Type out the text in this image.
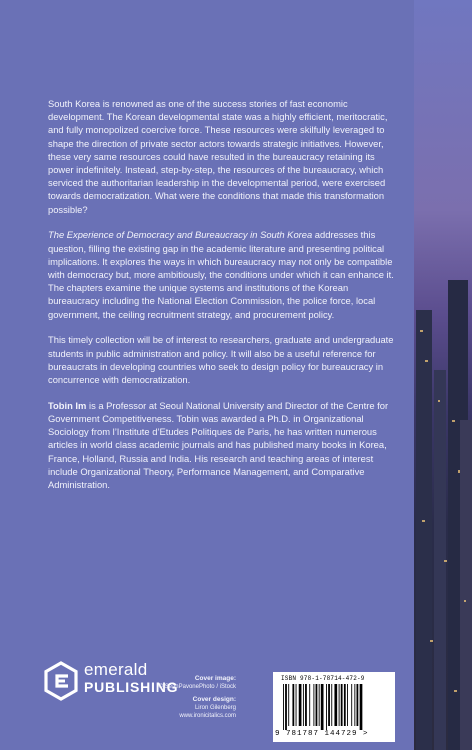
South Korea is renowned as one of the success stories of fast economic development. The Korean developmental state was a highly efficient, meritocratic, and fully monopolized coercive force. These resources were skilfully leveraged to shape the direction of private sector actors towards strategic initiatives. However, these very same resources could have resulted in the bureaucracy retaining its power indefinitely. Instead, step-by-step, the resources of the bureaucracy, which serviced the authoritarian leadership in the developmental period, were exercised towards democratization. What were the conditions that made this transformation possible?

The Experience of Democracy and Bureaucracy in South Korea addresses this question, filling the existing gap in the academic literature and presenting political implications. It explores the ways in which bureaucracy may not only be compatible with democracy but, more ambitiously, the conditions under which it can enhance it. The chapters examine the unique systems and institutions of the Korean bureaucracy including the National Election Commission, the police force, local government, the ceiling recruitment strategy, and procurement policy.

This timely collection will be of interest to researchers, graduate and undergraduate students in public administration and policy. It will also be a useful reference for bureaucrats in developing countries who seek to design policy for bureaucracy in concurrence with democratization.

Tobin Im is a Professor at Seoul National University and Director of the Centre for Government Competitiveness. Tobin was awarded a Ph.D. in Organizational Sociology from l’Institute d’Etudes Politiques de Paris, he has written numerous articles in world class academic journals and has published many books in Korea, France, Holland, Russia and India. His research and teaching areas of interest include Organizational Theory, Performance Management, and Comparative Administration.

emerald
PUBLISHING
Cover image:
© SeanPavonePhoto / iStock
Cover design:
Liron Gilenberg
www.ironicitalics.com
ISBN 978-1-78714-472-9
9 781787 144729 >
